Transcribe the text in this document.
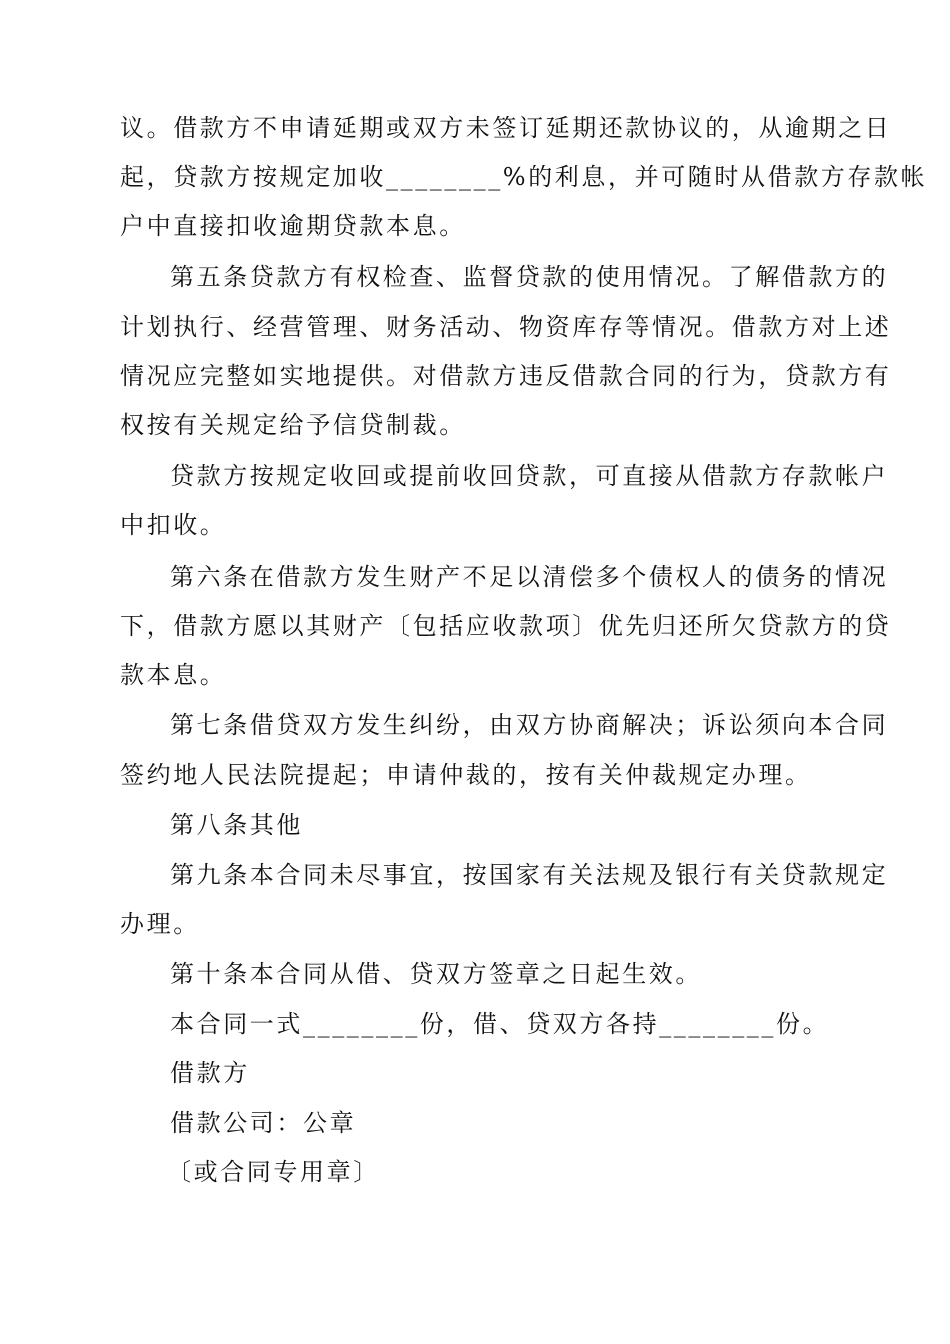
议。借款方不申请延期或双方未签订延期还款协议的，从逾期之日
起，贷款方按规定加收________%的利息，并可随时从借款方存款帐
户中直接扣收逾期贷款本息。
第五条贷款方有权检查、监督贷款的使用情况。了解借款方的
计划执行、经营管理、财务活动、物资库存等情况。借款方对上述
情况应完整如实地提供。对借款方违反借款合同的行为，贷款方有
权按有关规定给予信贷制裁。
贷款方按规定收回或提前收回贷款，可直接从借款方存款帐户
中扣收。
第六条在借款方发生财产不足以清偿多个债权人的债务的情况
下，借款方愿以其财产〔包括应收款项〕优先归还所欠贷款方的贷
款本息。
第七条借贷双方发生纠纷，由双方协商解决；诉讼须向本合同
签约地人民法院提起；申请仲裁的，按有关仲裁规定办理。
第八条其他
第九条本合同未尽事宜，按国家有关法规及银行有关贷款规定
办理。
第十条本合同从借、贷双方签章之日起生效。
本合同一式________份，借、贷双方各持________份。
借款方
借款公司：公章
〔或合同专用章〕
